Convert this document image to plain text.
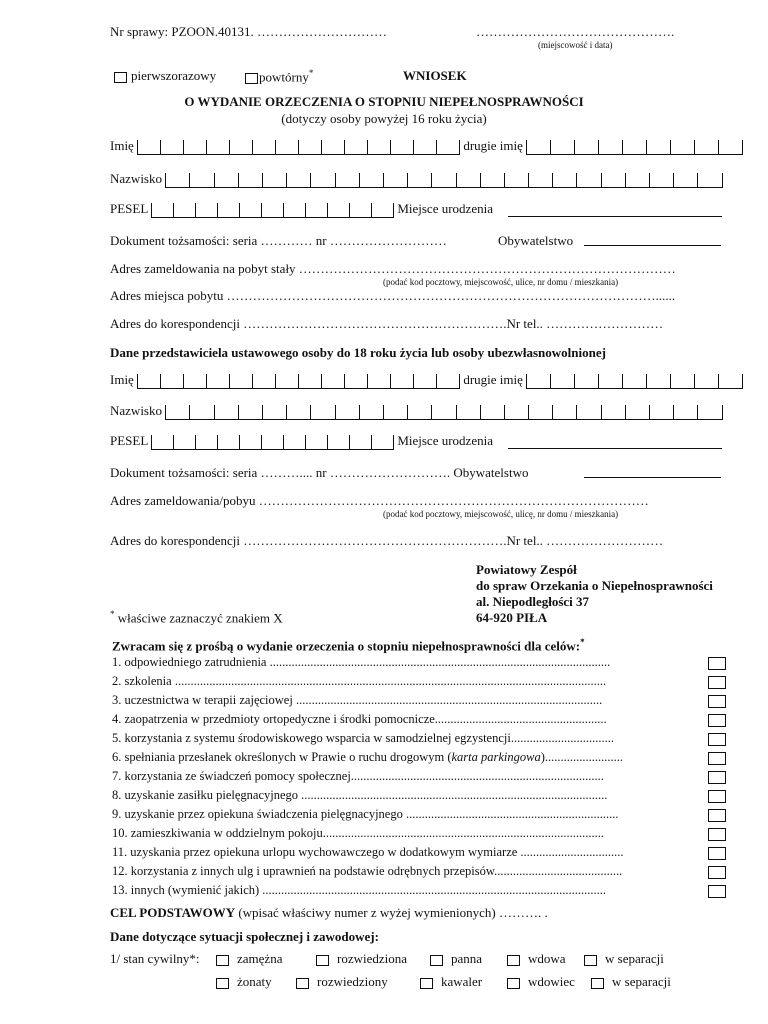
Nr sprawy: PZOON.40131. …………………………	……………………………………….
(miejscowość i data)
pierwszorazowy	powtórny*	WNIOSEK
O WYDANIE ORZECZENIA O STOPNIU NIEPEŁNOSPRAWNOŚCI
(dotyczy osoby powyżej 16 roku życia)
Imię	drugie imię
Nazwisko
PESEL	Miejsce urodzenia
Dokument tożsamości: seria ………… nr ………………………	Obywatelstwo
Adres zameldowania na pobyt stały ……………………………………………………………………………
(podać kod pocztowy, miejscowość, ulice, nr domu / mieszkania)
Adres miejsca pobytu ………………………………………………………………………………………......
Adres do korespondencji …………………………………………………….Nr tel.. ………………………
Dane przedstawiciela ustawowego osoby do 18 roku życia lub osoby ubezwłasnowolnionej
Imię	drugie imię
Nazwisko
PESEL	Miejsce urodzenia
Dokument tożsamości: seria ……….... nr ………………………. Obywatelstwo
Adres zameldowania/pobyu ………………………………………………………………………………
(podać kod pocztowy, miejscowość, ulicę, nr domu / mieszkania)
Adres do korespondencji …………………………………………………….Nr tel.. ………………………
Powiatowy Zespół
do spraw Orzekania o Niepełnosprawności
al. Niepodległości 37
64-920 PIŁA
* właściwe zaznaczyć znakiem X
Zwracam się z prośbą o wydanie orzeczenia o stopniu niepełnosprawności dla celów:*
1. odpowiedniego zatrudnienia .............................................................................................................
2. szkolenia ..........................................................................................................................................
3. uczestnictwa w terapii zajęciowej ..................................................................................................
4. zaopatrzenia w przedmioty ortopedyczne i środki pomocnicze.......................................................
5. korzystania z systemu środowiskowego wsparcia w samodzielnej egzystencji.................................
6. spełniania przesłanek określonych w Prawie o ruchu drogowym (karta parkingowa).........................
7. korzystania ze świadczeń pomocy społecznej.................................................................................
8. uzyskanie zasiłku pielęgnacyjnego ..................................................................................................
9. uzyskanie przez opiekuna świadczenia pielęgnacyjnego ....................................................................
10. zamieszkiwania w oddzielnym pokoju..........................................................................................
11. uzyskania przez opiekuna urlopu wychowawczego w dodatkowym wymiarze .................................
12. korzystania z innych ulg i uprawnień na podstawie odrębnych przepisów.........................................
13. innych (wymienić jakich) ..............................................................................................................
CEL PODSTAWOWY (wpisać właściwy numer z wyżej wymienionych) ………. .
Dane dotyczące sytuacji społecznej i zawodowej:
1/ stan cywilny*:	zamężna	rozwiedziona	panna	wdowa	w separacji
żonaty	rozwiedziony	kawaler	wdowiec	w separacji
